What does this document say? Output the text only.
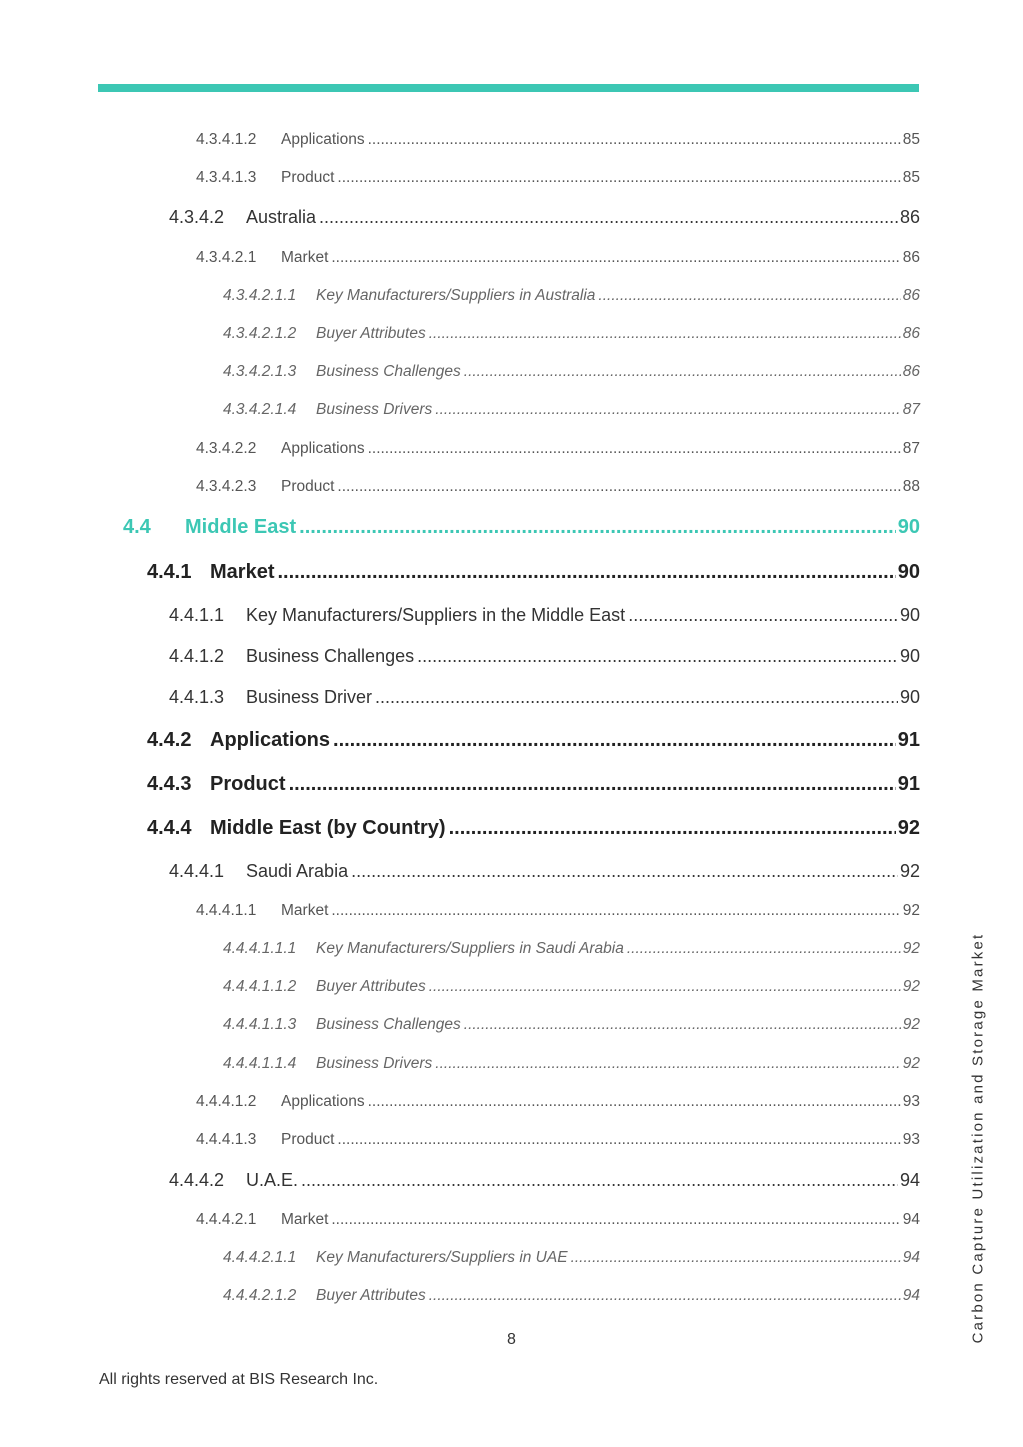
4.3.4.1.2	Applications .....	85
4.3.4.1.3	Product .....	85
4.3.4.2	Australia .....	86
4.3.4.2.1	Market .....	86
4.3.4.2.1.1	Key Manufacturers/Suppliers in Australia .....	86
4.3.4.2.1.2	Buyer Attributes .....	86
4.3.4.2.1.3	Business Challenges .....	86
4.3.4.2.1.4	Business Drivers .....	87
4.3.4.2.2	Applications .....	87
4.3.4.2.3	Product .....	88
4.4	Middle East .....	90
4.4.1 Market .....	90
4.4.1.1	Key Manufacturers/Suppliers in the Middle East .....	90
4.4.1.2	Business Challenges .....	90
4.4.1.3	Business Driver .....	90
4.4.2 Applications .....	91
4.4.3 Product .....	91
4.4.4 Middle East (by Country) .....	92
4.4.4.1	Saudi Arabia .....	92
4.4.4.1.1	Market .....	92
4.4.4.1.1.1	Key Manufacturers/Suppliers in Saudi Arabia .....	92
4.4.4.1.1.2	Buyer Attributes .....	92
4.4.4.1.1.3	Business Challenges .....	92
4.4.4.1.1.4	Business Drivers .....	92
4.4.4.1.2	Applications .....	93
4.4.4.1.3	Product .....	93
4.4.4.2	U.A.E. .....	94
4.4.4.2.1	Market .....	94
4.4.4.2.1.1	Key Manufacturers/Suppliers in UAE .....	94
4.4.4.2.1.2	Buyer Attributes .....	94
8
All rights reserved at BIS Research Inc.
Carbon Capture Utilization and Storage Market
